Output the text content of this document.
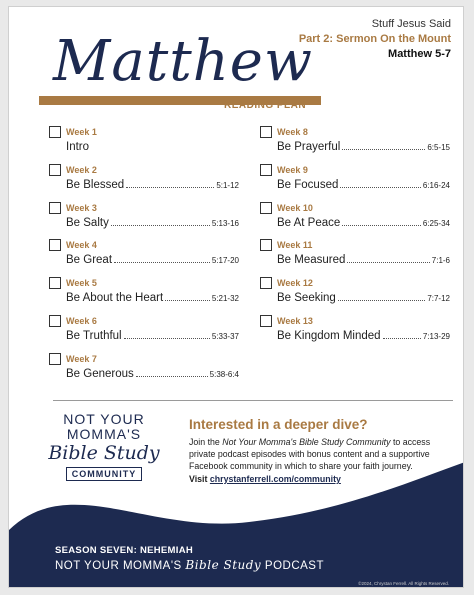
Stuff Jesus Said
Part 2: Sermon On the Mount
Matthew 5-7
Matthew
READING PLAN
Week 1
Intro
Week 2
Be Blessed	5:1-12
Week 3
Be Salty	5:13-16
Week 4
Be Great	5:17-20
Week 5
Be About the Heart	5:21-32
Week 6
Be Truthful	5:33-37
Week 7
Be Generous	5:38-6:4
Week 8
Be Prayerful	6:5-15
Week 9
Be Focused	6:16-24
Week 10
Be At Peace	6:25-34
Week 11
Be Measured	7:1-6
Week 12
Be Seeking	7:7-12
Week 13
Be Kingdom Minded	7:13-29
NOT YOUR
MOMMA'S
Bible Study
COMMUNITY
Interested in a deeper dive?
Join the Not Your Momma's Bible Study Community to access private podcast episodes with bonus content and a supportive Facebook community in which to share your faith journey.
Visit chrystanferrell.com/community
SEASON SEVEN: NEHEMIAH
NOT YOUR MOMMA'S Bible Study PODCAST
©2024, Chrystan Ferrell. All Rights Reserved.
